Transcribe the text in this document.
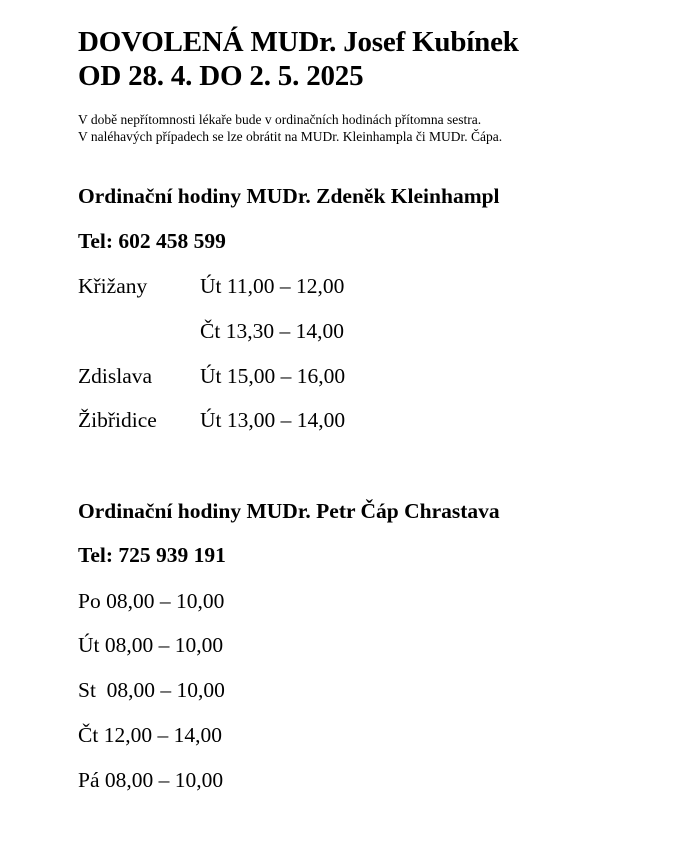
DOVOLENÁ MUDr. Josef Kubínek
OD 28. 4. DO 2. 5. 2025
V době nepřítomnosti lékaře bude v ordinačních hodinách přítomna sestra.
V naléhavých případech se lze obrátit na MUDr. Kleinhampla či MUDr. Čápa.
Ordinační hodiny MUDr. Zdeněk Kleinhampl
Tel: 602 458 599
Křižany Út 11,00 – 12,00
Čt 13,30 – 14,00
Zdislava Út 15,00 – 16,00
Žibřidice Út 13,00 – 14,00
Ordinační hodiny MUDr. Petr Čáp Chrastava
Tel: 725 939 191
Po 08,00 – 10,00
Út 08,00 – 10,00
St  08,00 – 10,00
Čt 12,00 – 14,00
Pá 08,00 – 10,00
